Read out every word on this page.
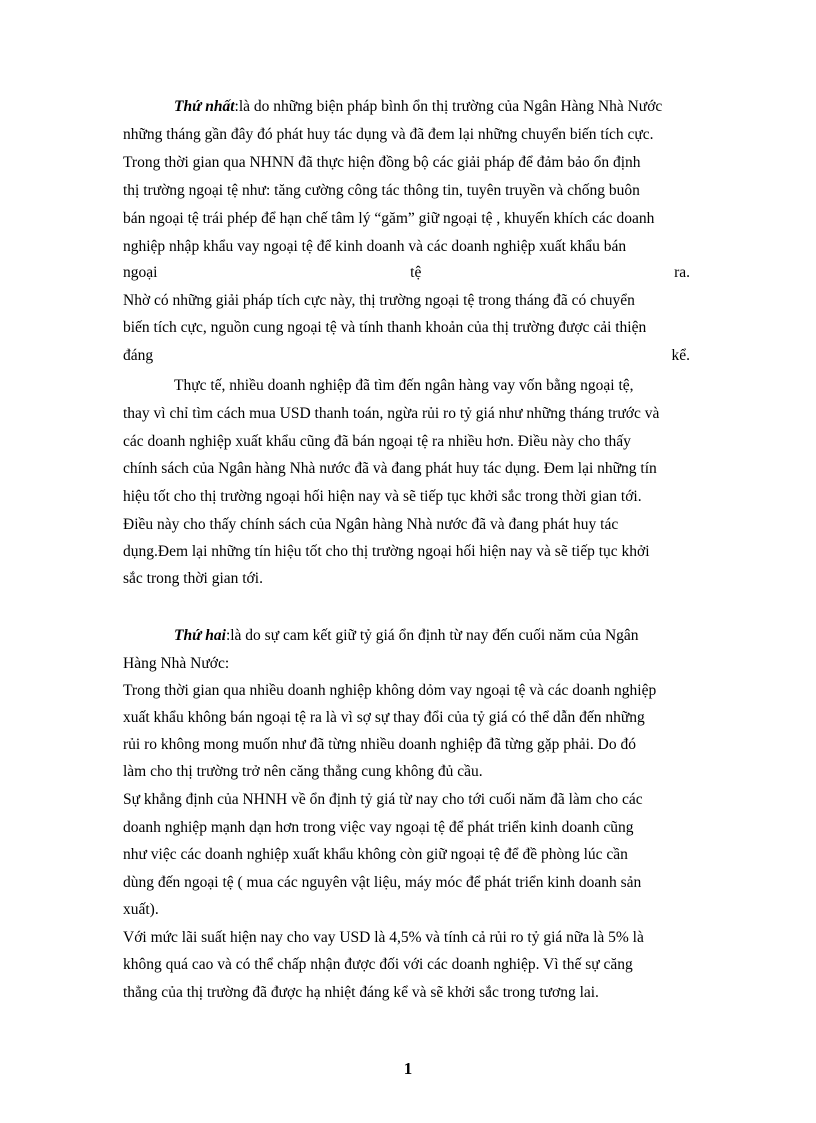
Thứ nhất:là do những biện pháp bình ổn thị trường của Ngân Hàng Nhà Nước
những tháng gần đây đó phát huy tác dụng và đã đem lại những chuyển biến tích cực.
Trong thời gian qua NHNN đã thực hiện đồng bộ các giải pháp để đảm bảo ổn định
thị trường ngoại tệ như: tăng cường công tác thông tin, tuyên truyền và chống buôn
bán ngoại tệ trái phép để hạn chế tâm lý “găm” giữ ngoại tệ , khuyến khích các doanh
nghiệp nhập khẩu vay ngoại tệ để kinh doanh và các doanh nghiệp xuất khẩu bán
ngoại	tệ	ra.
Nhờ có những giải pháp tích cực này, thị trường ngoại tệ trong tháng đã có chuyển
biến tích cực, nguồn cung ngoại tệ và tính thanh khoản của thị trường được cải thiện
đáng	kể.
Thực tế, nhiều doanh nghiệp đã tìm đến ngân hàng vay vốn bằng ngoại tệ,
thay vì chỉ tìm cách mua USD thanh toán, ngừa rủi ro tỷ giá như những tháng trước và
các doanh nghiệp xuất khẩu cũng đã bán ngoại tệ ra nhiều hơn. Điều này cho thấy
chính sách của Ngân hàng Nhà nước đã và đang phát huy tác dụng. Đem lại những tín
hiệu tốt cho thị trường ngoại hối hiện nay và sẽ tiếp tục khởi sắc trong thời gian tới.
Điều này cho thấy chính sách của Ngân hàng Nhà nước đã và đang phát huy tác
dụng.Đem lại những tín hiệu tốt cho thị trường ngoại hối hiện nay và sẽ tiếp tục khởi
sắc trong thời gian tới.
Thứ hai:là do sự cam kết giữ tỷ giá ổn định từ nay đến cuối năm của Ngân
Hàng Nhà Nước:
Trong thời gian qua nhiều doanh nghiệp không dỏm vay ngoại tệ và các doanh nghiệp
xuất khẩu không bán ngoại tệ ra là vì sợ sự thay đổi của tỷ giá có thể dẫn đến những
rủi ro không mong muốn như đã từng nhiều doanh nghiệp đã từng gặp phải. Do đó
làm cho thị trường trở nên căng thẳng cung không đủ cầu.
Sự khẳng định của NHNH về ổn định tỷ giá từ nay cho tới cuối năm đã làm cho các
doanh nghiệp mạnh dạn hơn trong việc vay ngoại tệ để phát triển kinh doanh cũng
như việc các doanh nghiệp xuất khẩu không còn giữ ngoại tệ để đề phòng lúc cần
dùng đến ngoại tệ ( mua các nguyên vật liệu, máy móc để phát triển kinh doanh sản
xuất).
Với mức lãi suất hiện nay cho vay USD là 4,5% và tính cả rủi ro tỷ giá nữa là 5% là
không quá cao và có thể chấp nhận được đối với các doanh nghiệp. Vì thế sự căng
thẳng của thị trường đã được hạ nhiệt đáng kể và sẽ khởi sắc trong tương lai.
1
